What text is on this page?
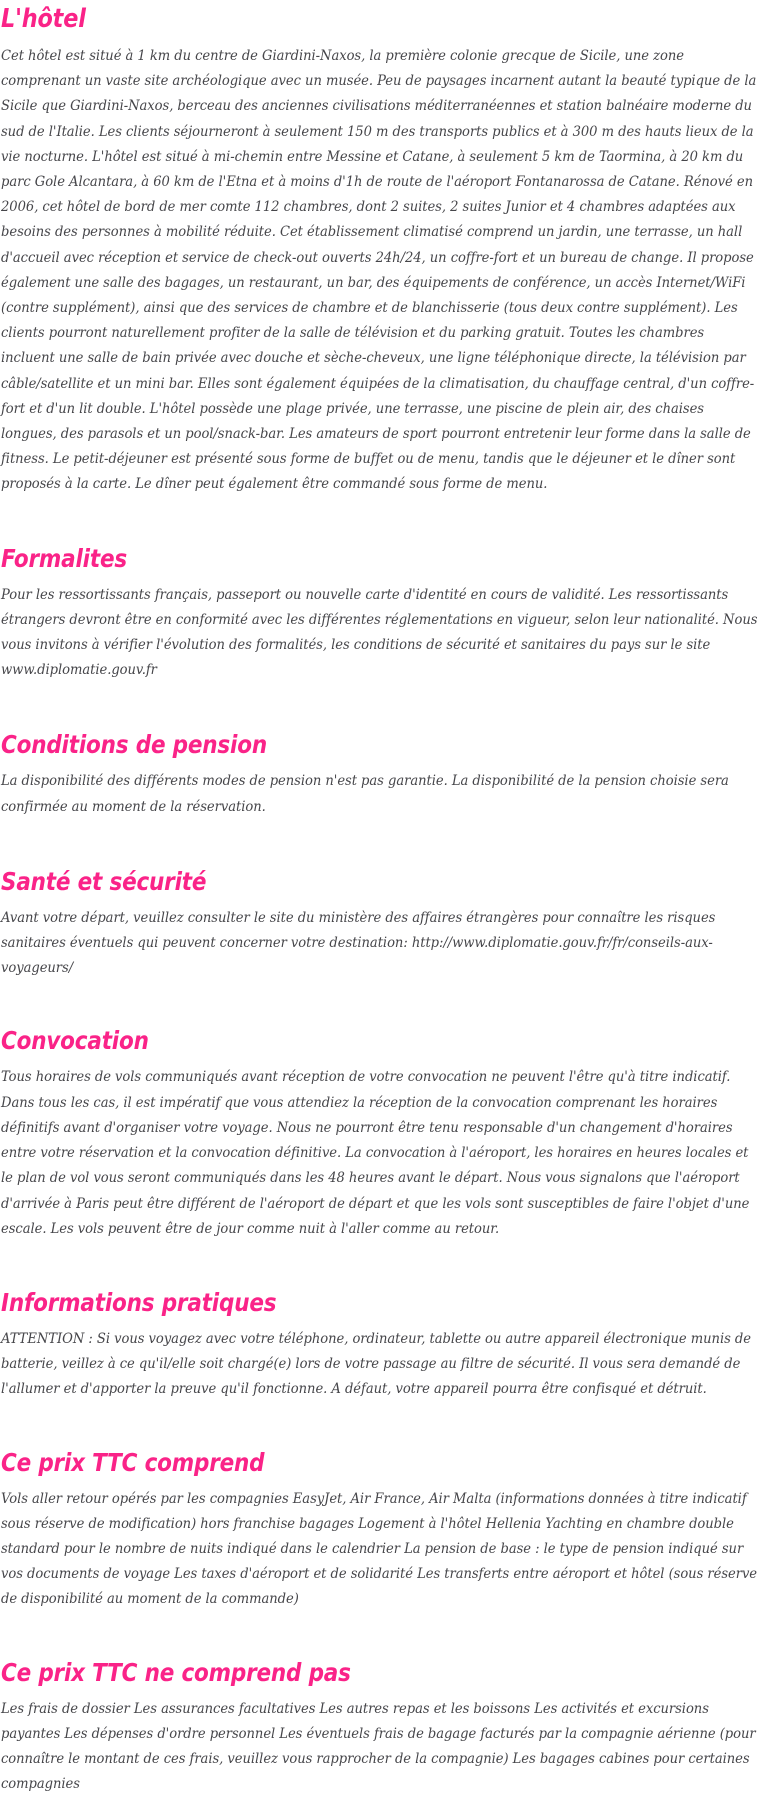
L'hôtel

Cet hôtel est situé à 1 km du centre de Giardini-Naxos, la première colonie grecque de Sicile, une zone comprenant un vaste site archéologique avec un musée. Peu de paysages incarnent autant la beauté typique de la Sicile que Giardini-Naxos, berceau des anciennes civilisations méditerranéennes et station balnéaire moderne du sud de l'Italie. Les clients séjourneront à seulement 150 m des transports publics et à 300 m des hauts lieux de la vie nocturne. L'hôtel est situé à mi-chemin entre Messine et Catane, à seulement 5 km de Taormina, à 20 km du parc Gole Alcantara, à 60 km de l'Etna et à moins d'1h de route de l'aéroport Fontanarossa de Catane. Rénové en 2006, cet hôtel de bord de mer comte 112 chambres, dont 2 suites, 2 suites Junior et 4 chambres adaptées aux besoins des personnes à mobilité réduite. Cet établissement climatisé comprend un jardin, une terrasse, un hall d'accueil avec réception et service de check-out ouverts 24h/24, un coffre-fort et un bureau de change. Il propose également une salle des bagages, un restaurant, un bar, des équipements de conférence, un accès Internet/WiFi (contre supplément), ainsi que des services de chambre et de blanchisserie (tous deux contre supplément). Les clients pourront naturellement profiter de la salle de télévision et du parking gratuit. Toutes les chambres incluent une salle de bain privée avec douche et sèche-cheveux, une ligne téléphonique directe, la télévision par câble/satellite et un mini bar. Elles sont également équipées de la climatisation, du chauffage central, d'un coffre-fort et d'un lit double. L'hôtel possède une plage privée, une terrasse, une piscine de plein air, des chaises longues, des parasols et un pool/snack-bar. Les amateurs de sport pourront entretenir leur forme dans la salle de fitness. Le petit-déjeuner est présenté sous forme de buffet ou de menu, tandis que le déjeuner et le dîner sont proposés à la carte. Le dîner peut également être commandé sous forme de menu.

Formalites

Pour les ressortissants français, passeport ou nouvelle carte d'identité en cours de validité. Les ressortissants étrangers devront être en conformité avec les différentes réglementations en vigueur, selon leur nationalité. Nous vous invitons à vérifier l'évolution des formalités, les conditions de sécurité et sanitaires du pays sur le site www.diplomatie.gouv.fr

Conditions de pension

La disponibilité des différents modes de pension n'est pas garantie. La disponibilité de la pension choisie sera confirmée au moment de la réservation.

Santé et sécurité

Avant votre départ, veuillez consulter le site du ministère des affaires étrangères pour connaître les risques sanitaires éventuels qui peuvent concerner votre destination: http://www.diplomatie.gouv.fr/fr/conseils-aux-voyageurs/

Convocation

Tous horaires de vols communiqués avant réception de votre convocation ne peuvent l'être qu'à titre indicatif. Dans tous les cas, il est impératif que vous attendiez la réception de la convocation comprenant les horaires définitifs avant d'organiser votre voyage. Nous ne pourront être tenu responsable d'un changement d'horaires entre votre réservation et la convocation définitive. La convocation à l'aéroport, les horaires en heures locales et le plan de vol vous seront communiqués dans les 48 heures avant le départ. Nous vous signalons que l'aéroport d'arrivée à Paris peut être différent de l'aéroport de départ et que les vols sont susceptibles de faire l'objet d'une escale. Les vols peuvent être de jour comme nuit à l'aller comme au retour.

Informations pratiques

ATTENTION : Si vous voyagez avec votre téléphone, ordinateur, tablette ou autre appareil électronique munis de batterie, veillez à ce qu'il/elle soit chargé(e) lors de votre passage au filtre de sécurité. Il vous sera demandé de l'allumer et d'apporter la preuve qu'il fonctionne. A défaut, votre appareil pourra être confisqué et détruit.

Ce prix TTC comprend

Vols aller retour opérés par les compagnies EasyJet, Air France, Air Malta (informations données à titre indicatif sous réserve de modification) hors franchise bagages Logement à l'hôtel Hellenia Yachting en chambre double standard pour le nombre de nuits indiqué dans le calendrier La pension de base : le type de pension indiqué sur vos documents de voyage Les taxes d'aéroport et de solidarité Les transferts entre aéroport et hôtel (sous réserve de disponibilité au moment de la commande)

Ce prix TTC ne comprend pas

Les frais de dossier Les assurances facultatives Les autres repas et les boissons Les activités et excursions payantes Les dépenses d'ordre personnel Les éventuels frais de bagage facturés par la compagnie aérienne (pour connaître le montant de ces frais, veuillez vous rapprocher de la compagnie) Les bagages cabines pour certaines compagnies
